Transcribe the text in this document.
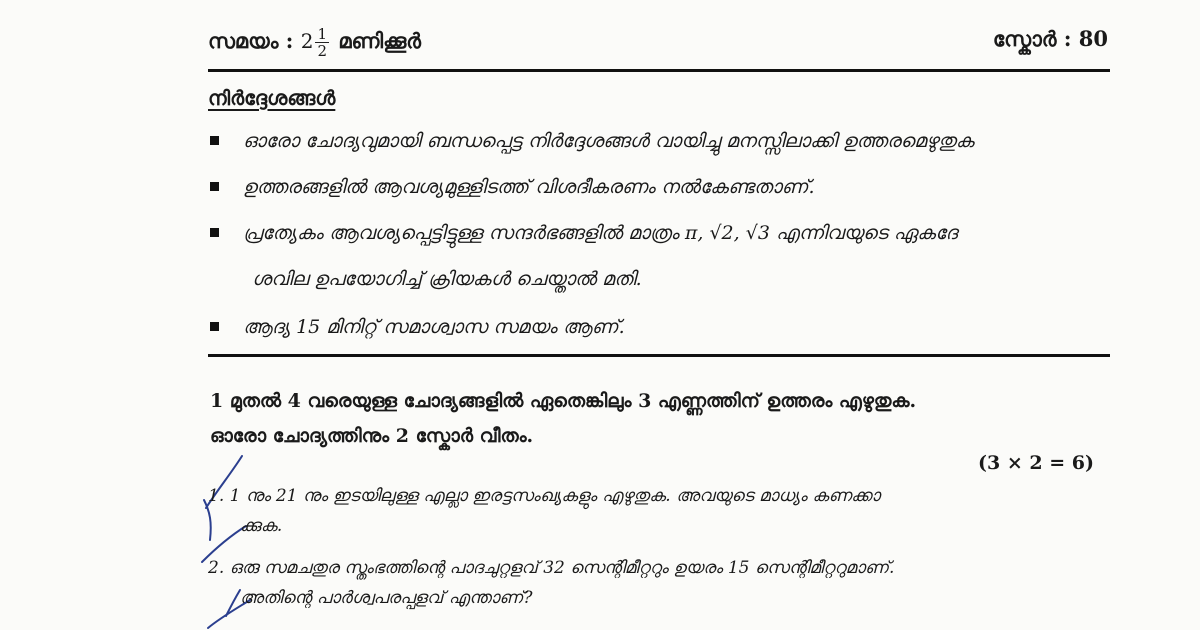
സമയം : $2 \frac{1}{2}$ മണിക്കൂർ	സ്കോർ : 80
നിർദ്ദേശങ്ങൾ
ഓരോ ചോദ്യവുമായി ബന്ധപ്പെട്ട നിർദ്ദേശങ്ങൾ വായിച്ചു മനസ്സിലാക്കി ഉത്തരമെഴുതുക
ഉത്തരങ്ങളിൽ ആവശ്യമുള്ളിടത്ത് വിശദീകരണം നൽകേണ്ടതാണ്.
പ്രത്യേകം ആവശ്യപ്പെട്ടിട്ടുള്ള സന്ദർഭങ്ങളിൽ മാത്രം π, √2, √3 എന്നിവയുടെ ഏകദേ
ശവില ഉപയോഗിച്ച് ക്രിയകൾ ചെയ്താൽ മതി.
ആദ്യ 15 മിനിറ്റ് സമാശ്വാസ സമയം ആണ്.
1 മുതൽ 4 വരെയുള്ള ചോദ്യങ്ങളിൽ ഏതെങ്കിലും 3 എണ്ണത്തിന് ഉത്തരം എഴുതുക.
ഓരോ ചോദ്യത്തിനും 2 സ്കോർ വീതം.
(3 × 2 = 6)
1. 1 നും 21 നും ഇടയിലുള്ള എല്ലാ ഇരട്ടസംഖ്യകളും എഴുതുക. അവയുടെ മാധ്യം കണക്കാ
ക്കുക.
2. ഒരു സമചതുര സ്തംഭത്തിന്റെ പാദചുറ്റളവ് 32 സെന്റിമീറ്ററും ഉയരം 15 സെന്റിമീറ്ററുമാണ്.
അതിന്റെ പാർശ്വപരപ്പളവ് എന്താണ്?
